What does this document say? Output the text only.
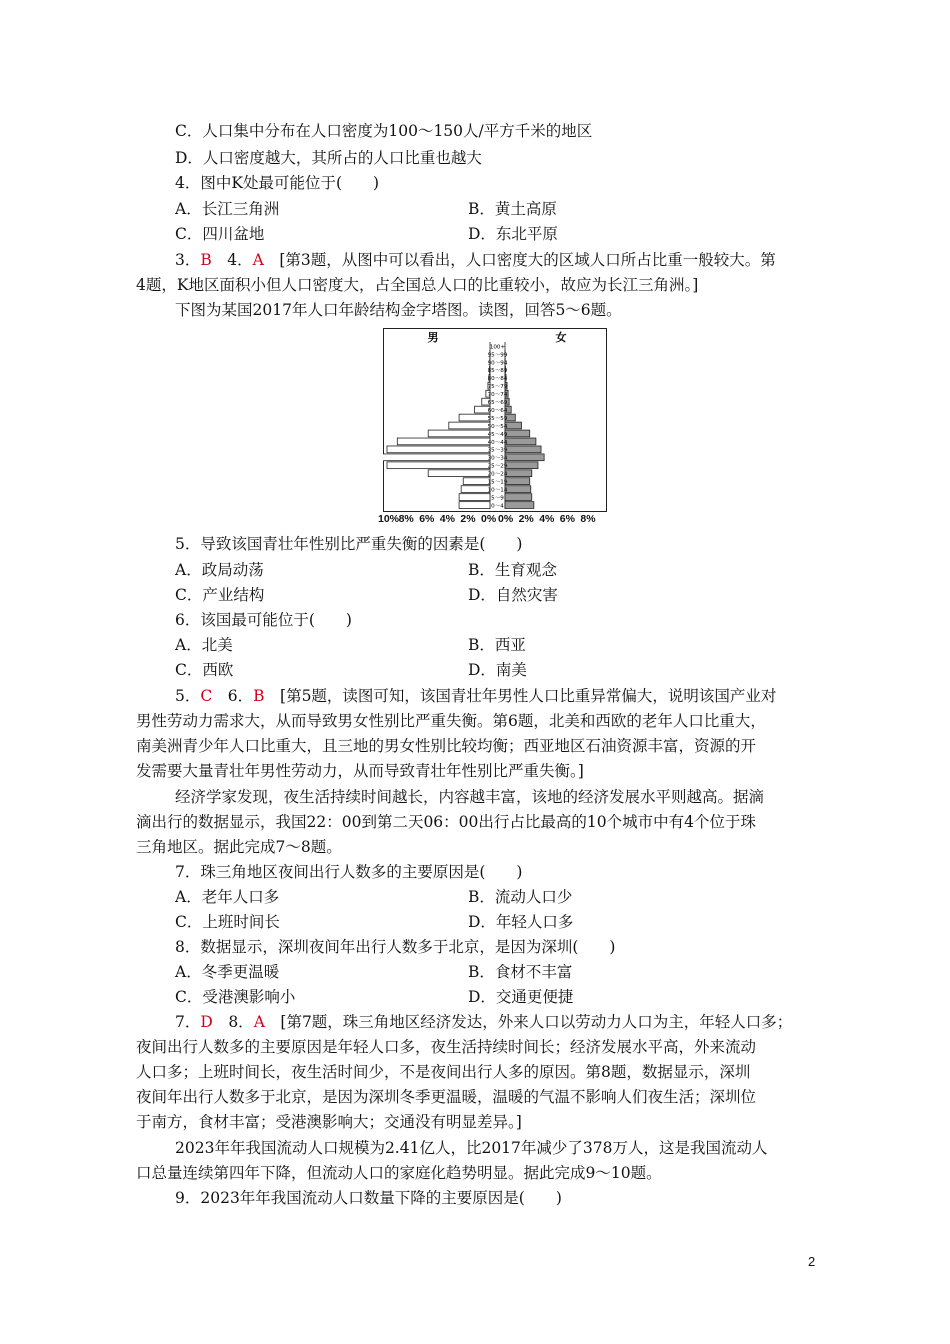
C．人口集中分布在人口密度为100～150人/平方千米的地区
D．人口密度越大，其所占的人口比重也越大
4．图中K处最可能位于(　　)
A．长江三角洲	B．黄土高原
C．四川盆地	D．东北平原
3．B　4．A　[第3题，从图中可以看出，人口密度大的区域人口所占比重一般较大。第
4题，K地区面积小但人口密度大，占全国总人口的比重较小，故应为长江三角洲。]
下图为某国2017年人口年龄结构金字塔图。读图，回答5～6题。
男	女
0～4
5～9
10～14
15～19
20～24
25～29
30～34
35～39
40～44
45～49
50～54
55～59
60～64
65～69
70～74
75～79
80～84
85～89
90～94
95～99
100+
10% 8% 6% 4% 2% 0% 0% 2% 4% 6% 8%
5．导致该国青壮年性别比严重失衡的因素是(　　)
A．政局动荡	B．生育观念
C．产业结构	D．自然灾害
6．该国最可能位于(　　)
A．北美	B．西亚
C．西欧	D．南美
5．C　6．B　[第5题，读图可知，该国青壮年男性人口比重异常偏大，说明该国产业对
男性劳动力需求大，从而导致男女性别比严重失衡。第6题，北美和西欧的老年人口比重大，
南美洲青少年人口比重大，且三地的男女性别比较均衡；西亚地区石油资源丰富，资源的开
发需要大量青壮年男性劳动力，从而导致青壮年性别比严重失衡。]
经济学家发现，夜生活持续时间越长，内容越丰富，该地的经济发展水平则越高。据滴
滴出行的数据显示，我国22：00到第二天06：00出行占比最高的10个城市中有4个位于珠
三角地区。据此完成7～8题。
7．珠三角地区夜间出行人数多的主要原因是(　　)
A．老年人口多	B．流动人口少
C．上班时间长	D．年轻人口多
8．数据显示，深圳夜间年出行人数多于北京，是因为深圳(　　)
A．冬季更温暖	B．食材不丰富
C．受港澳影响小	D．交通更便捷
7．D　8．A　[第7题，珠三角地区经济发达，外来人口以劳动力人口为主，年轻人口多；
夜间出行人数多的主要原因是年轻人口多，夜生活持续时间长；经济发展水平高，外来流动
人口多；上班时间长，夜生活时间少，不是夜间出行人多的原因。第8题，数据显示，深圳
夜间年出行人数多于北京，是因为深圳冬季更温暖，温暖的气温不影响人们夜生活；深圳位
于南方，食材丰富；受港澳影响大；交通没有明显差异。]
2023年年我国流动人口规模为2.41亿人，比2017年减少了378万人，这是我国流动人
口总量连续第四年下降，但流动人口的家庭化趋势明显。据此完成9～10题。
9．2023年年我国流动人口数量下降的主要原因是(　　)
2
